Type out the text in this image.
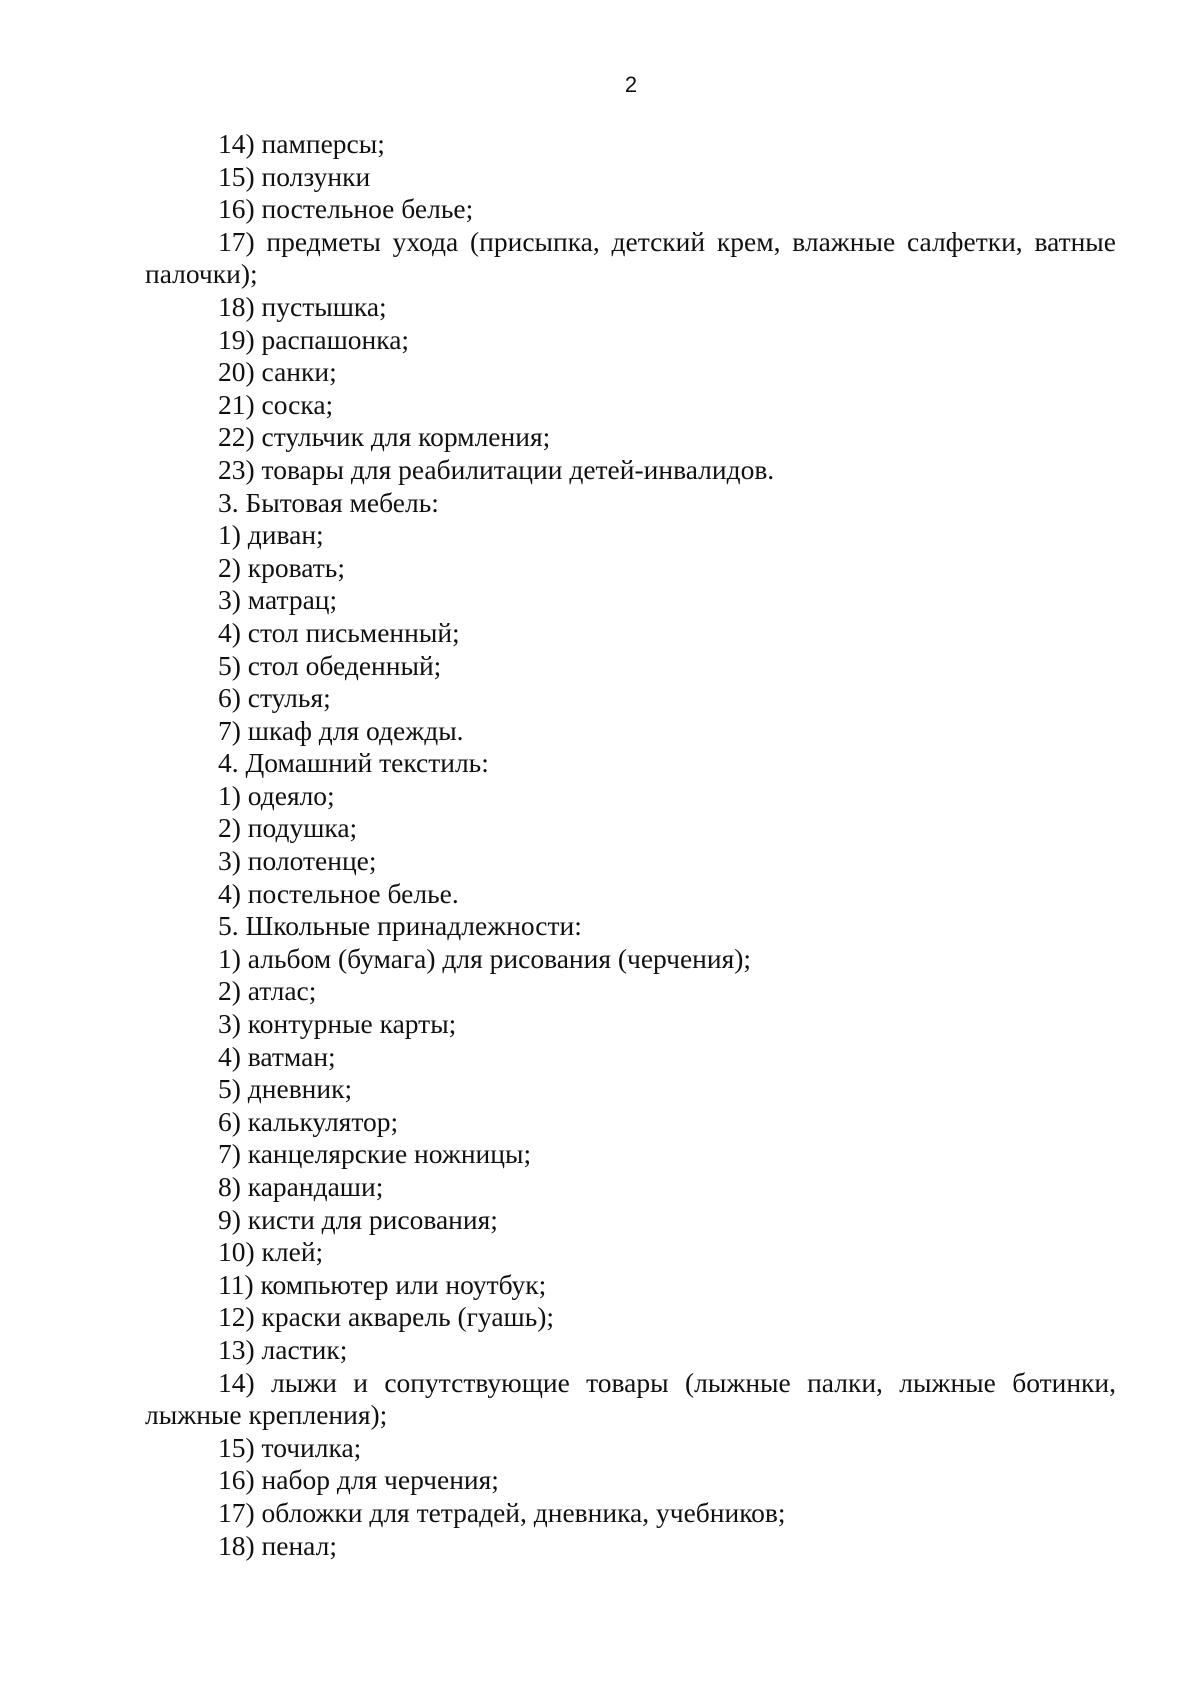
2

14) памперсы;

15) ползунки

16) постельное белье;

17) предметы ухода (присыпка, детский крем, влажные салфетки, ватные палочки);

18) пустышка;

19) распашонка;

20) санки;

21) соска;

22) стульчик для кормления;

23) товары для реабилитации детей-инвалидов.

3. Бытовая мебель:

1) диван;

2) кровать;

3) матрац;

4) стол письменный;

5) стол обеденный;

6) стулья;

7) шкаф для одежды.

4. Домашний текстиль:

1) одеяло;

2) подушка;

3) полотенце;

4) постельное белье.

5. Школьные принадлежности:

1) альбом (бумага) для рисования (черчения);

2) атлас;

3) контурные карты;

4) ватман;

5) дневник;

6) калькулятор;

7) канцелярские ножницы;

8) карандаши;

9) кисти для рисования;

10) клей;

11) компьютер или ноутбук;

12) краски акварель (гуашь);

13) ластик;

14) лыжи и сопутствующие товары (лыжные палки, лыжные ботинки, лыжные крепления);

15) точилка;

16) набор для черчения;

17) обложки для тетрадей, дневника, учебников;

18) пенал;
